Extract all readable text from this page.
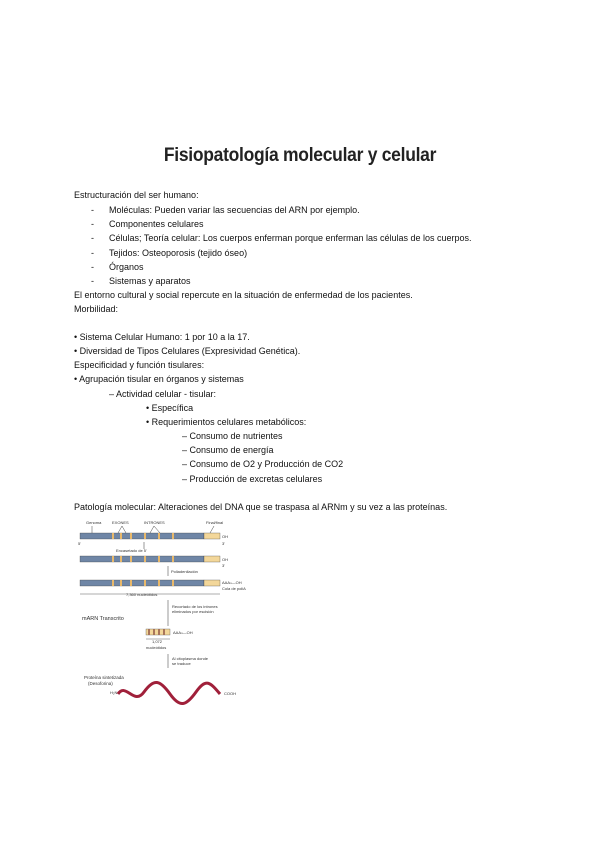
Fisiopatología molecular y celular
Estructuración del ser humano:
- Moléculas: Pueden variar las secuencias del ARN por ejemplo.
- Componentes celulares
- Células; Teoría celular: Los cuerpos enferman porque enferman las células de los cuerpos.
- Tejidos: Osteoporosis (tejido óseo)
- Órganos
- Sistemas y aparatos
El entorno cultural y social repercute en la situación de enfermedad de los pacientes.
Morbilidad:
• Sistema Celular Humano: 1 por 10 a la 17.
• Diversidad de Tipos Celulares (Expresividad Genética).
Especificidad y función tisulares:
• Agrupación tisular en órganos y sistemas
– Actividad celular - tisular:
• Específica
• Requerimientos celulares metabólicos:
– Consumo de nutrientes
– Consumo de energía
– Consumo de O2 y Producción de CO2
– Producción de excretas celulares
Patología molecular: Alteraciones del DNA que se traspasa al ARNm y su vez a las proteínas.
Genoma	EXONES	INTRONES	Final/final
5'
OH
3'
Encasetado de 5'
OH
3'
Poliadenilación
AAAₙ—OH
Cola de poliA
7,360 nucleótidos
Recortado de los intrones
eliminados por escisión
mARN Transcrito
AAAₙ—OH
1,072
nucleótidos
Al citoplasma donde
se traduce
Proteína sintetizada
(Desoforina)
H₂N	COOH
